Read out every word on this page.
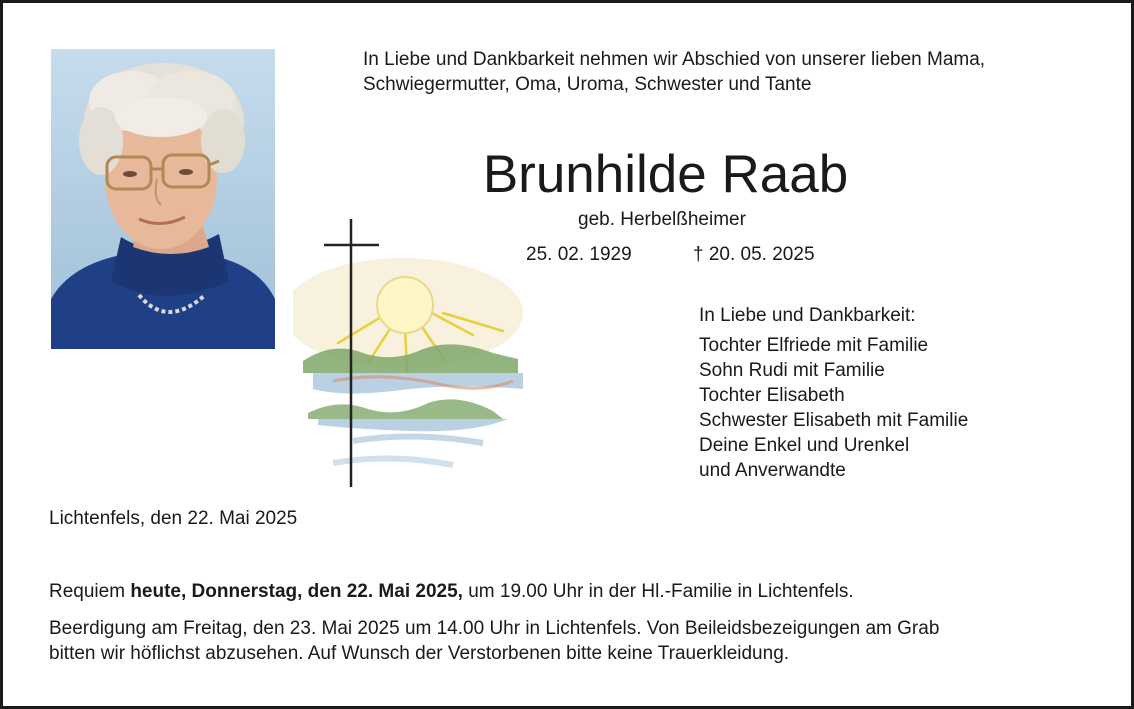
In Liebe und Dankbarkeit nehmen wir Abschied von unserer lieben Mama,
Schwiegermutter, Oma, Uroma, Schwester und Tante
Brunhilde Raab
geb. Herbelßheimer
25. 02. 1929	† 20. 05. 2025
In Liebe und Dankbarkeit:
Tochter Elfriede mit Familie
Sohn Rudi mit Familie
Tochter Elisabeth
Schwester Elisabeth mit Familie
Deine Enkel und Urenkel
und Anverwandte
Lichtenfels, den 22. Mai 2025
Requiem heute, Donnerstag, den 22. Mai 2025, um 19.00 Uhr in der Hl.-Familie in Lichtenfels.
Beerdigung am Freitag, den 23. Mai 2025 um 14.00 Uhr in Lichtenfels. Von Beileidsbezeigungen am Grab
bitten wir höflichst abzusehen. Auf Wunsch der Verstorbenen bitte keine Trauerkleidung.
